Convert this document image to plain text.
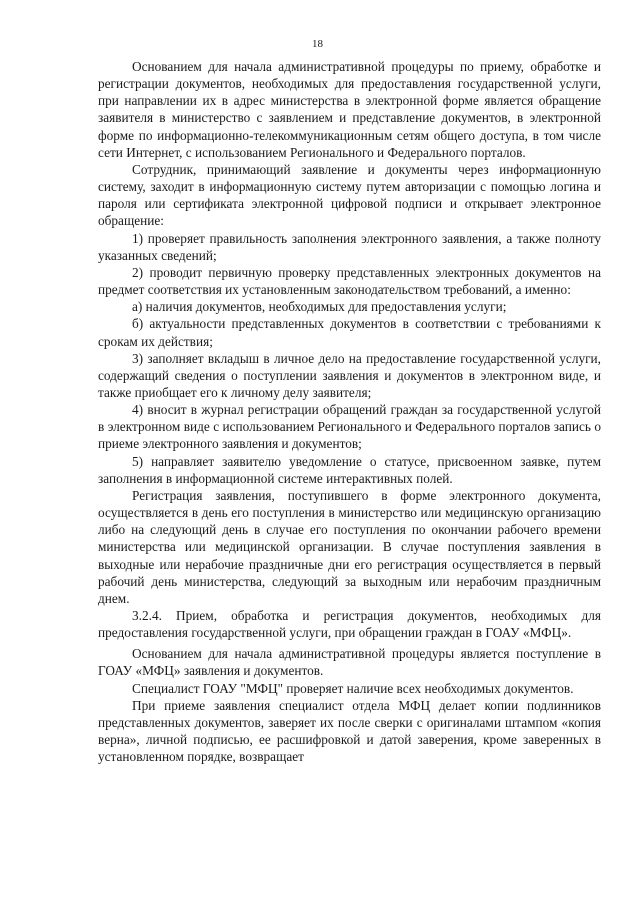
18

Основанием для начала административной процедуры по приему, обработке и регистрации документов, необходимых для предоставления государственной услуги, при направлении их в адрес министерства в электронной форме является обращение заявителя в министерство с заявлением и представление документов, в электронной форме по информационно-телекоммуникационным сетям общего доступа, в том числе сети Интернет, с использованием Регионального и Федерального порталов.

Сотрудник, принимающий заявление и документы через информационную систему, заходит в информационную систему путем авторизации с помощью логина и пароля или сертификата электронной цифровой подписи и открывает электронное обращение:

1) проверяет правильность заполнения электронного заявления, а также полноту указанных сведений;

2) проводит первичную проверку представленных электронных документов на предмет соответствия их установленным законодательством требований, а именно:

а) наличия документов, необходимых для предоставления услуги;

б) актуальности представленных документов в соответствии с требованиями к срокам их действия;

3) заполняет вкладыш в личное дело на предоставление государственной услуги, содержащий сведения о поступлении заявления и документов в электронном виде, и также приобщает его к личному делу заявителя;

4) вносит в журнал регистрации обращений граждан за государственной услугой в электронном виде с использованием Регионального и Федерального порталов запись о приеме электронного заявления и документов;

5) направляет заявителю уведомление о статусе, присвоенном заявке, путем заполнения в информационной системе интерактивных полей.

Регистрация заявления, поступившего в форме электронного документа, осуществляется в день его поступления в министерство или медицинскую организацию либо на следующий день в случае его поступления по окончании рабочего времени министерства или медицинской организации. В случае поступления заявления в выходные или нерабочие праздничные дни его регистрация осуществляется в первый рабочий день министерства, следующий за выходным или нерабочим праздничным днем.

3.2.4. Прием, обработка и регистрация документов, необходимых для предоставления государственной услуги, при обращении граждан в ГОАУ «МФЦ».

Основанием для начала административной процедуры является поступление в ГОАУ «МФЦ» заявления и документов.

Специалист ГОАУ "МФЦ" проверяет наличие всех необходимых документов.

При приеме заявления специалист отдела МФЦ делает копии подлинников представленных документов, заверяет их после сверки с оригиналами штампом «копия верна», личной подписью, ее расшифровкой и датой заверения, кроме заверенных в установленном порядке, возвращает
